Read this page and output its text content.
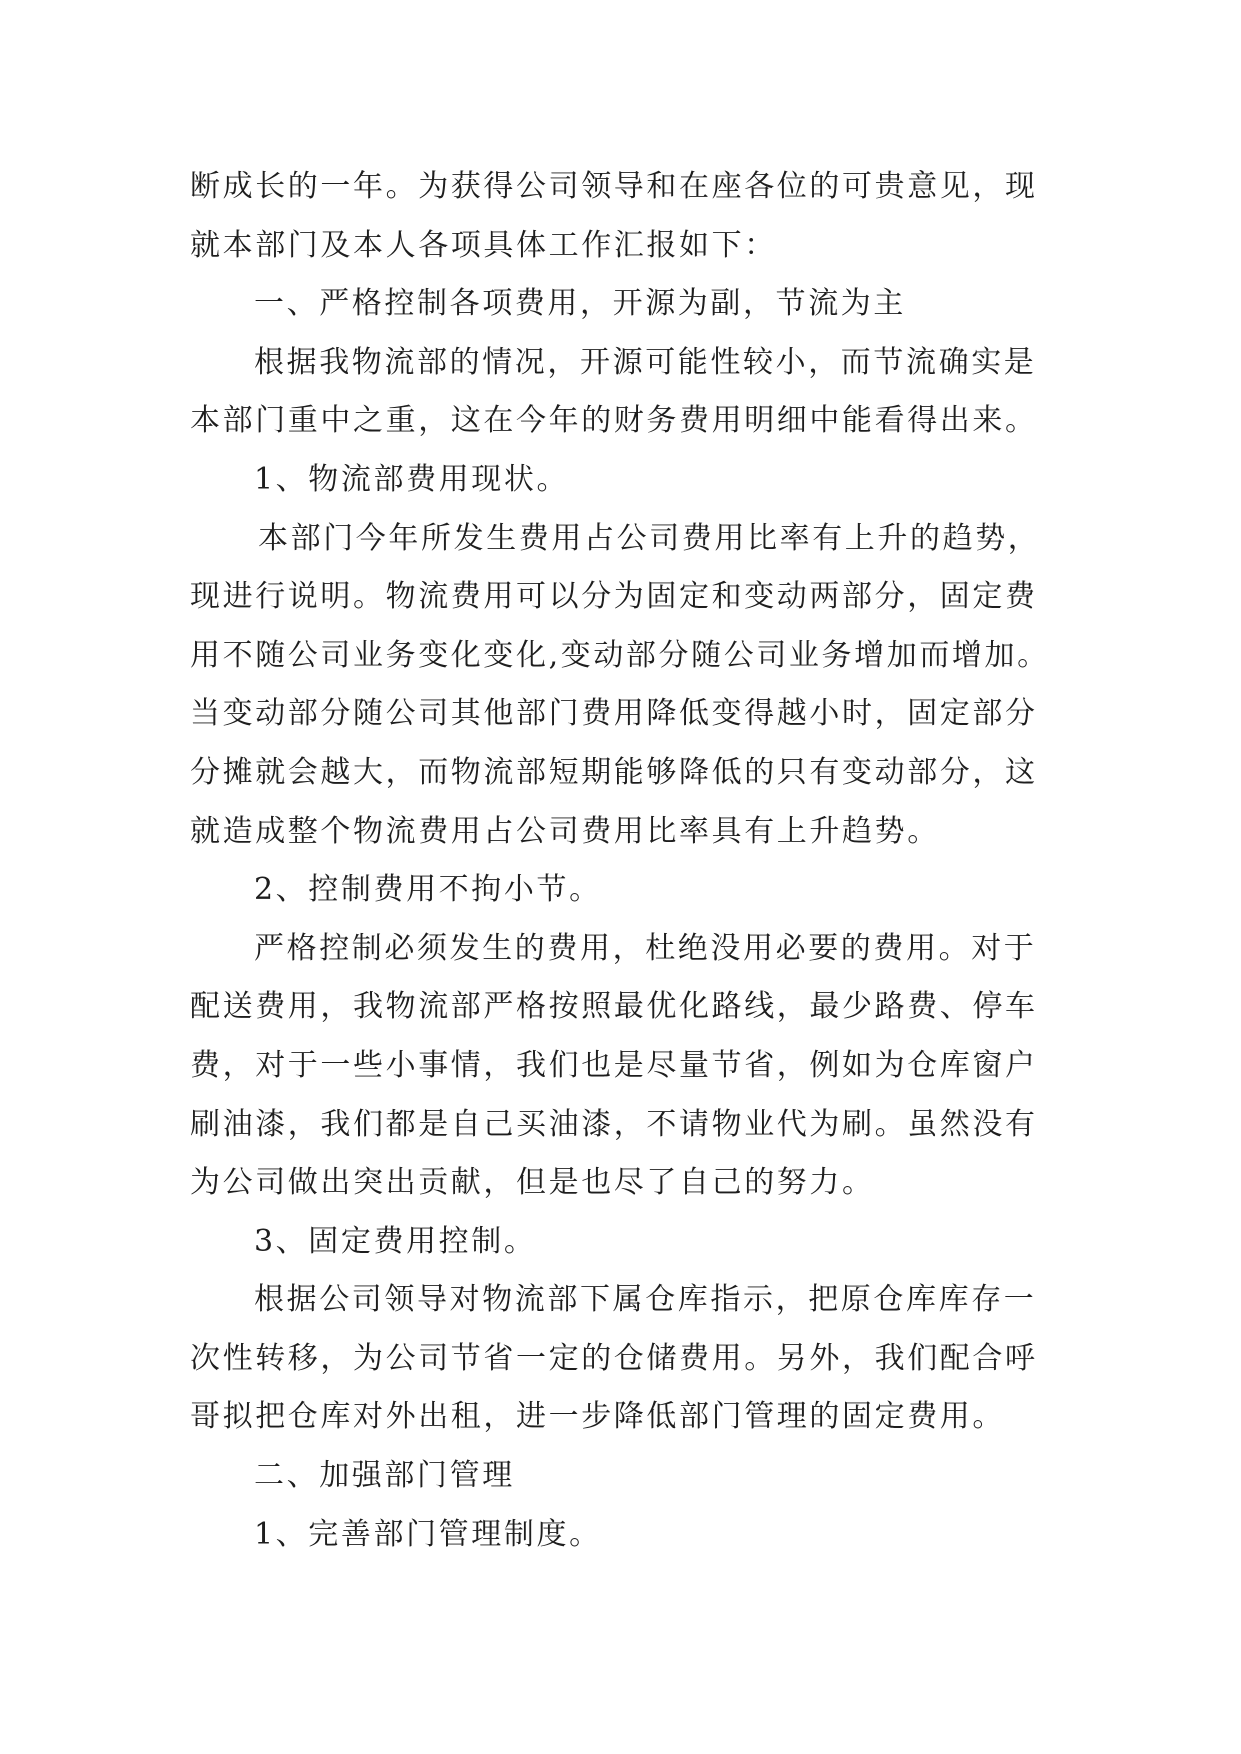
断成长的一年。为获得公司领导和在座各位的可贵意见，现
就本部门及本人各项具体工作汇报如下：
一、严格控制各项费用，开源为副，节流为主
根据我物流部的情况，开源可能性较小，而节流确实是
本部门重中之重，这在今年的财务费用明细中能看得出来。
1、物流部费用现状。
本部门今年所发生费用占公司费用比率有上升的趋势，
现进行说明。物流费用可以分为固定和变动两部分，固定费
用不随公司业务变化变化,变动部分随公司业务增加而增加。
当变动部分随公司其他部门费用降低变得越小时，固定部分
分摊就会越大，而物流部短期能够降低的只有变动部分，这
就造成整个物流费用占公司费用比率具有上升趋势。
2、控制费用不拘小节。
严格控制必须发生的费用，杜绝没用必要的费用。对于
配送费用，我物流部严格按照最优化路线，最少路费、停车
费，对于一些小事情，我们也是尽量节省，例如为仓库窗户
刷油漆，我们都是自己买油漆，不请物业代为刷。虽然没有
为公司做出突出贡献，但是也尽了自己的努力。
3、固定费用控制。
根据公司领导对物流部下属仓库指示，把原仓库库存一
次性转移，为公司节省一定的仓储费用。另外，我们配合呼
哥拟把仓库对外出租，进一步降低部门管理的固定费用。
二、加强部门管理
1、完善部门管理制度。
